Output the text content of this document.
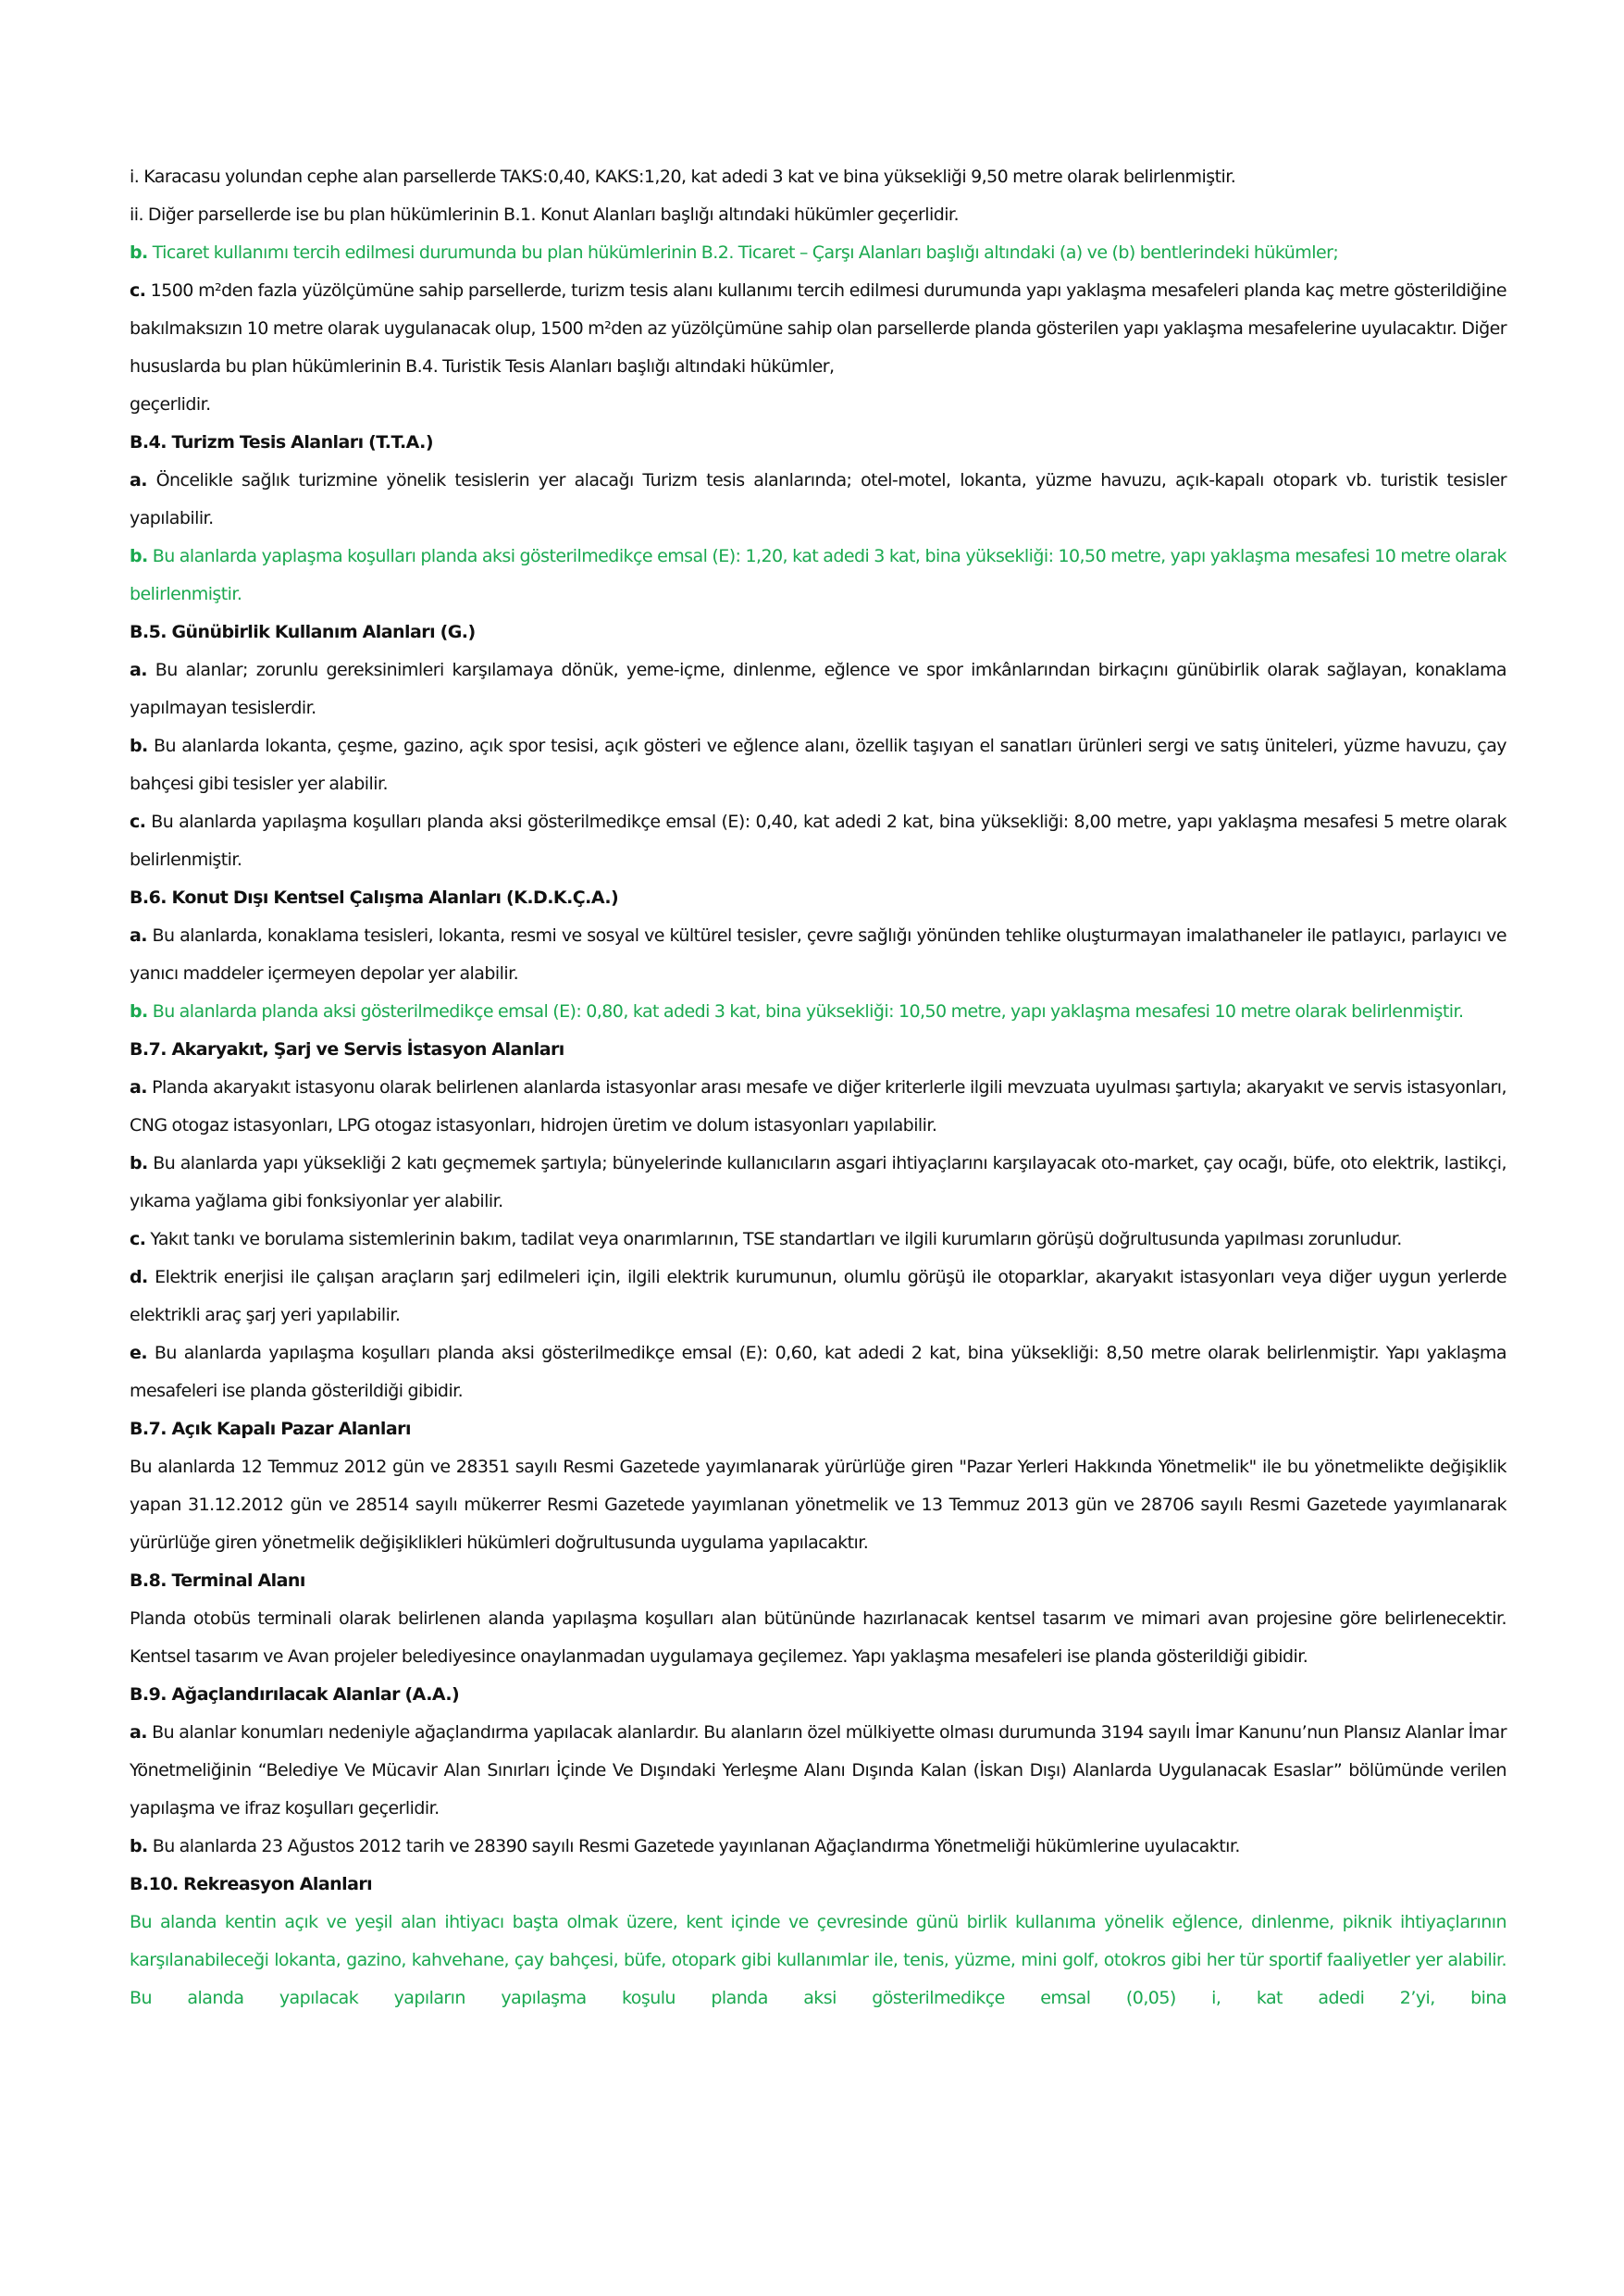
i. Karacasu yolundan cephe alan parsellerde TAKS:0,40, KAKS:1,20, kat adedi 3 kat ve bina yüksekliği 9,50 metre olarak belirlenmiştir.

ii. Diğer parsellerde ise bu plan hükümlerinin B.1. Konut Alanları başlığı altındaki hükümler geçerlidir.

b. Ticaret kullanımı tercih edilmesi durumunda bu plan hükümlerinin B.2. Ticaret – Çarşı Alanları başlığı altındaki (a) ve (b) bentlerindeki hükümler;

c. 1500 m²den fazla yüzölçümüne sahip parsellerde, turizm tesis alanı kullanımı tercih edilmesi durumunda yapı yaklaşma mesafeleri planda kaç metre gösterildiğine bakılmaksızın 10 metre olarak uygulanacak olup, 1500 m²den az yüzölçümüne sahip olan parsellerde planda gösterilen yapı yaklaşma mesafelerine uyulacaktır. Diğer hususlarda bu plan hükümlerinin B.4. Turistik Tesis Alanları başlığı altındaki hükümler,

geçerlidir.

B.4. Turizm Tesis Alanları (T.T.A.)

a. Öncelikle sağlık turizmine yönelik tesislerin yer alacağı Turizm tesis alanlarında; otel-motel, lokanta, yüzme havuzu, açık-kapalı otopark vb. turistik tesisler yapılabilir.

b. Bu alanlarda yaplaşma koşulları planda aksi gösterilmedikçe emsal (E): 1,20, kat adedi 3 kat, bina yüksekliği: 10,50 metre, yapı yaklaşma mesafesi 10 metre olarak belirlenmiştir.

B.5. Günübirlik Kullanım Alanları (G.)

a. Bu alanlar; zorunlu gereksinimleri karşılamaya dönük, yeme-içme, dinlenme, eğlence ve spor imkânlarından birkaçını günübirlik olarak sağlayan, konaklama yapılmayan tesislerdir.

b. Bu alanlarda lokanta, çeşme, gazino, açık spor tesisi, açık gösteri ve eğlence alanı, özellik taşıyan el sanatları ürünleri sergi ve satış üniteleri, yüzme havuzu, çay bahçesi gibi tesisler yer alabilir.

c. Bu alanlarda yapılaşma koşulları planda aksi gösterilmedikçe emsal (E): 0,40, kat adedi 2 kat, bina yüksekliği: 8,00 metre, yapı yaklaşma mesafesi 5 metre olarak belirlenmiştir.

B.6. Konut Dışı Kentsel Çalışma Alanları (K.D.K.Ç.A.)

a. Bu alanlarda, konaklama tesisleri, lokanta, resmi ve sosyal ve kültürel tesisler, çevre sağlığı yönünden tehlike oluşturmayan imalathaneler ile patlayıcı, parlayıcı ve yanıcı maddeler içermeyen depolar yer alabilir.

b. Bu alanlarda planda aksi gösterilmedikçe emsal (E): 0,80, kat adedi 3 kat, bina yüksekliği: 10,50 metre, yapı yaklaşma mesafesi 10 metre olarak belirlenmiştir.

B.7. Akaryakıt, Şarj ve Servis İstasyon Alanları

a. Planda akaryakıt istasyonu olarak belirlenen alanlarda istasyonlar arası mesafe ve diğer kriterlerle ilgili mevzuata uyulması şartıyla; akaryakıt ve servis istasyonları, CNG otogaz istasyonları, LPG otogaz istasyonları, hidrojen üretim ve dolum istasyonları yapılabilir.

b. Bu alanlarda yapı yüksekliği 2 katı geçmemek şartıyla; bünyelerinde kullanıcıların asgari ihtiyaçlarını karşılayacak oto-market, çay ocağı, büfe, oto elektrik, lastikçi, yıkama yağlama gibi fonksiyonlar yer alabilir.

c. Yakıt tankı ve borulama sistemlerinin bakım, tadilat veya onarımlarının, TSE standartları ve ilgili kurumların görüşü doğrultusunda yapılması zorunludur.

d. Elektrik enerjisi ile çalışan araçların şarj edilmeleri için, ilgili elektrik kurumunun, olumlu görüşü ile otoparklar, akaryakıt istasyonları veya diğer uygun yerlerde elektrikli araç şarj yeri yapılabilir.

e. Bu alanlarda yapılaşma koşulları planda aksi gösterilmedikçe emsal (E): 0,60, kat adedi 2 kat, bina yüksekliği: 8,50 metre olarak belirlenmiştir. Yapı yaklaşma mesafeleri ise planda gösterildiği gibidir.

B.7. Açık Kapalı Pazar Alanları

Bu alanlarda 12 Temmuz 2012 gün ve 28351 sayılı Resmi Gazetede yayımlanarak yürürlüğe giren "Pazar Yerleri Hakkında Yönetmelik" ile bu yönetmelikte değişiklik yapan 31.12.2012 gün ve 28514 sayılı mükerrer Resmi Gazetede yayımlanan yönetmelik ve 13 Temmuz 2013 gün ve 28706 sayılı Resmi Gazetede yayımlanarak yürürlüğe giren yönetmelik değişiklikleri hükümleri doğrultusunda uygulama yapılacaktır.

B.8. Terminal Alanı

Planda otobüs terminali olarak belirlenen alanda yapılaşma koşulları alan bütününde hazırlanacak kentsel tasarım ve mimari avan projesine göre belirlenecektir. Kentsel tasarım ve Avan projeler belediyesince onaylanmadan uygulamaya geçilemez. Yapı yaklaşma mesafeleri ise planda gösterildiği gibidir.

B.9. Ağaçlandırılacak Alanlar (A.A.)

a. Bu alanlar konumları nedeniyle ağaçlandırma yapılacak alanlardır. Bu alanların özel mülkiyette olması durumunda 3194 sayılı İmar Kanunu’nun Plansız Alanlar İmar Yönetmeliğinin “Belediye Ve Mücavir Alan Sınırları İçinde Ve Dışındaki Yerleşme Alanı Dışında Kalan (İskan Dışı) Alanlarda Uygulanacak Esaslar” bölümünde verilen yapılaşma ve ifraz koşulları geçerlidir.

b. Bu alanlarda 23 Ağustos 2012 tarih ve 28390 sayılı Resmi Gazetede yayınlanan Ağaçlandırma Yönetmeliği hükümlerine uyulacaktır.

B.10. Rekreasyon Alanları

Bu alanda kentin açık ve yeşil alan ihtiyacı başta olmak üzere, kent içinde ve çevresinde günü birlik kullanıma yönelik eğlence, dinlenme, piknik ihtiyaçlarının karşılanabileceği lokanta, gazino, kahvehane, çay bahçesi, büfe, otopark gibi kullanımlar ile, tenis, yüzme, mini golf, otokros gibi her tür sportif faaliyetler yer alabilir. Bu alanda yapılacak yapıların yapılaşma koşulu planda aksi gösterilmedikçe emsal (0,05) i, kat adedi 2’yi, bina
